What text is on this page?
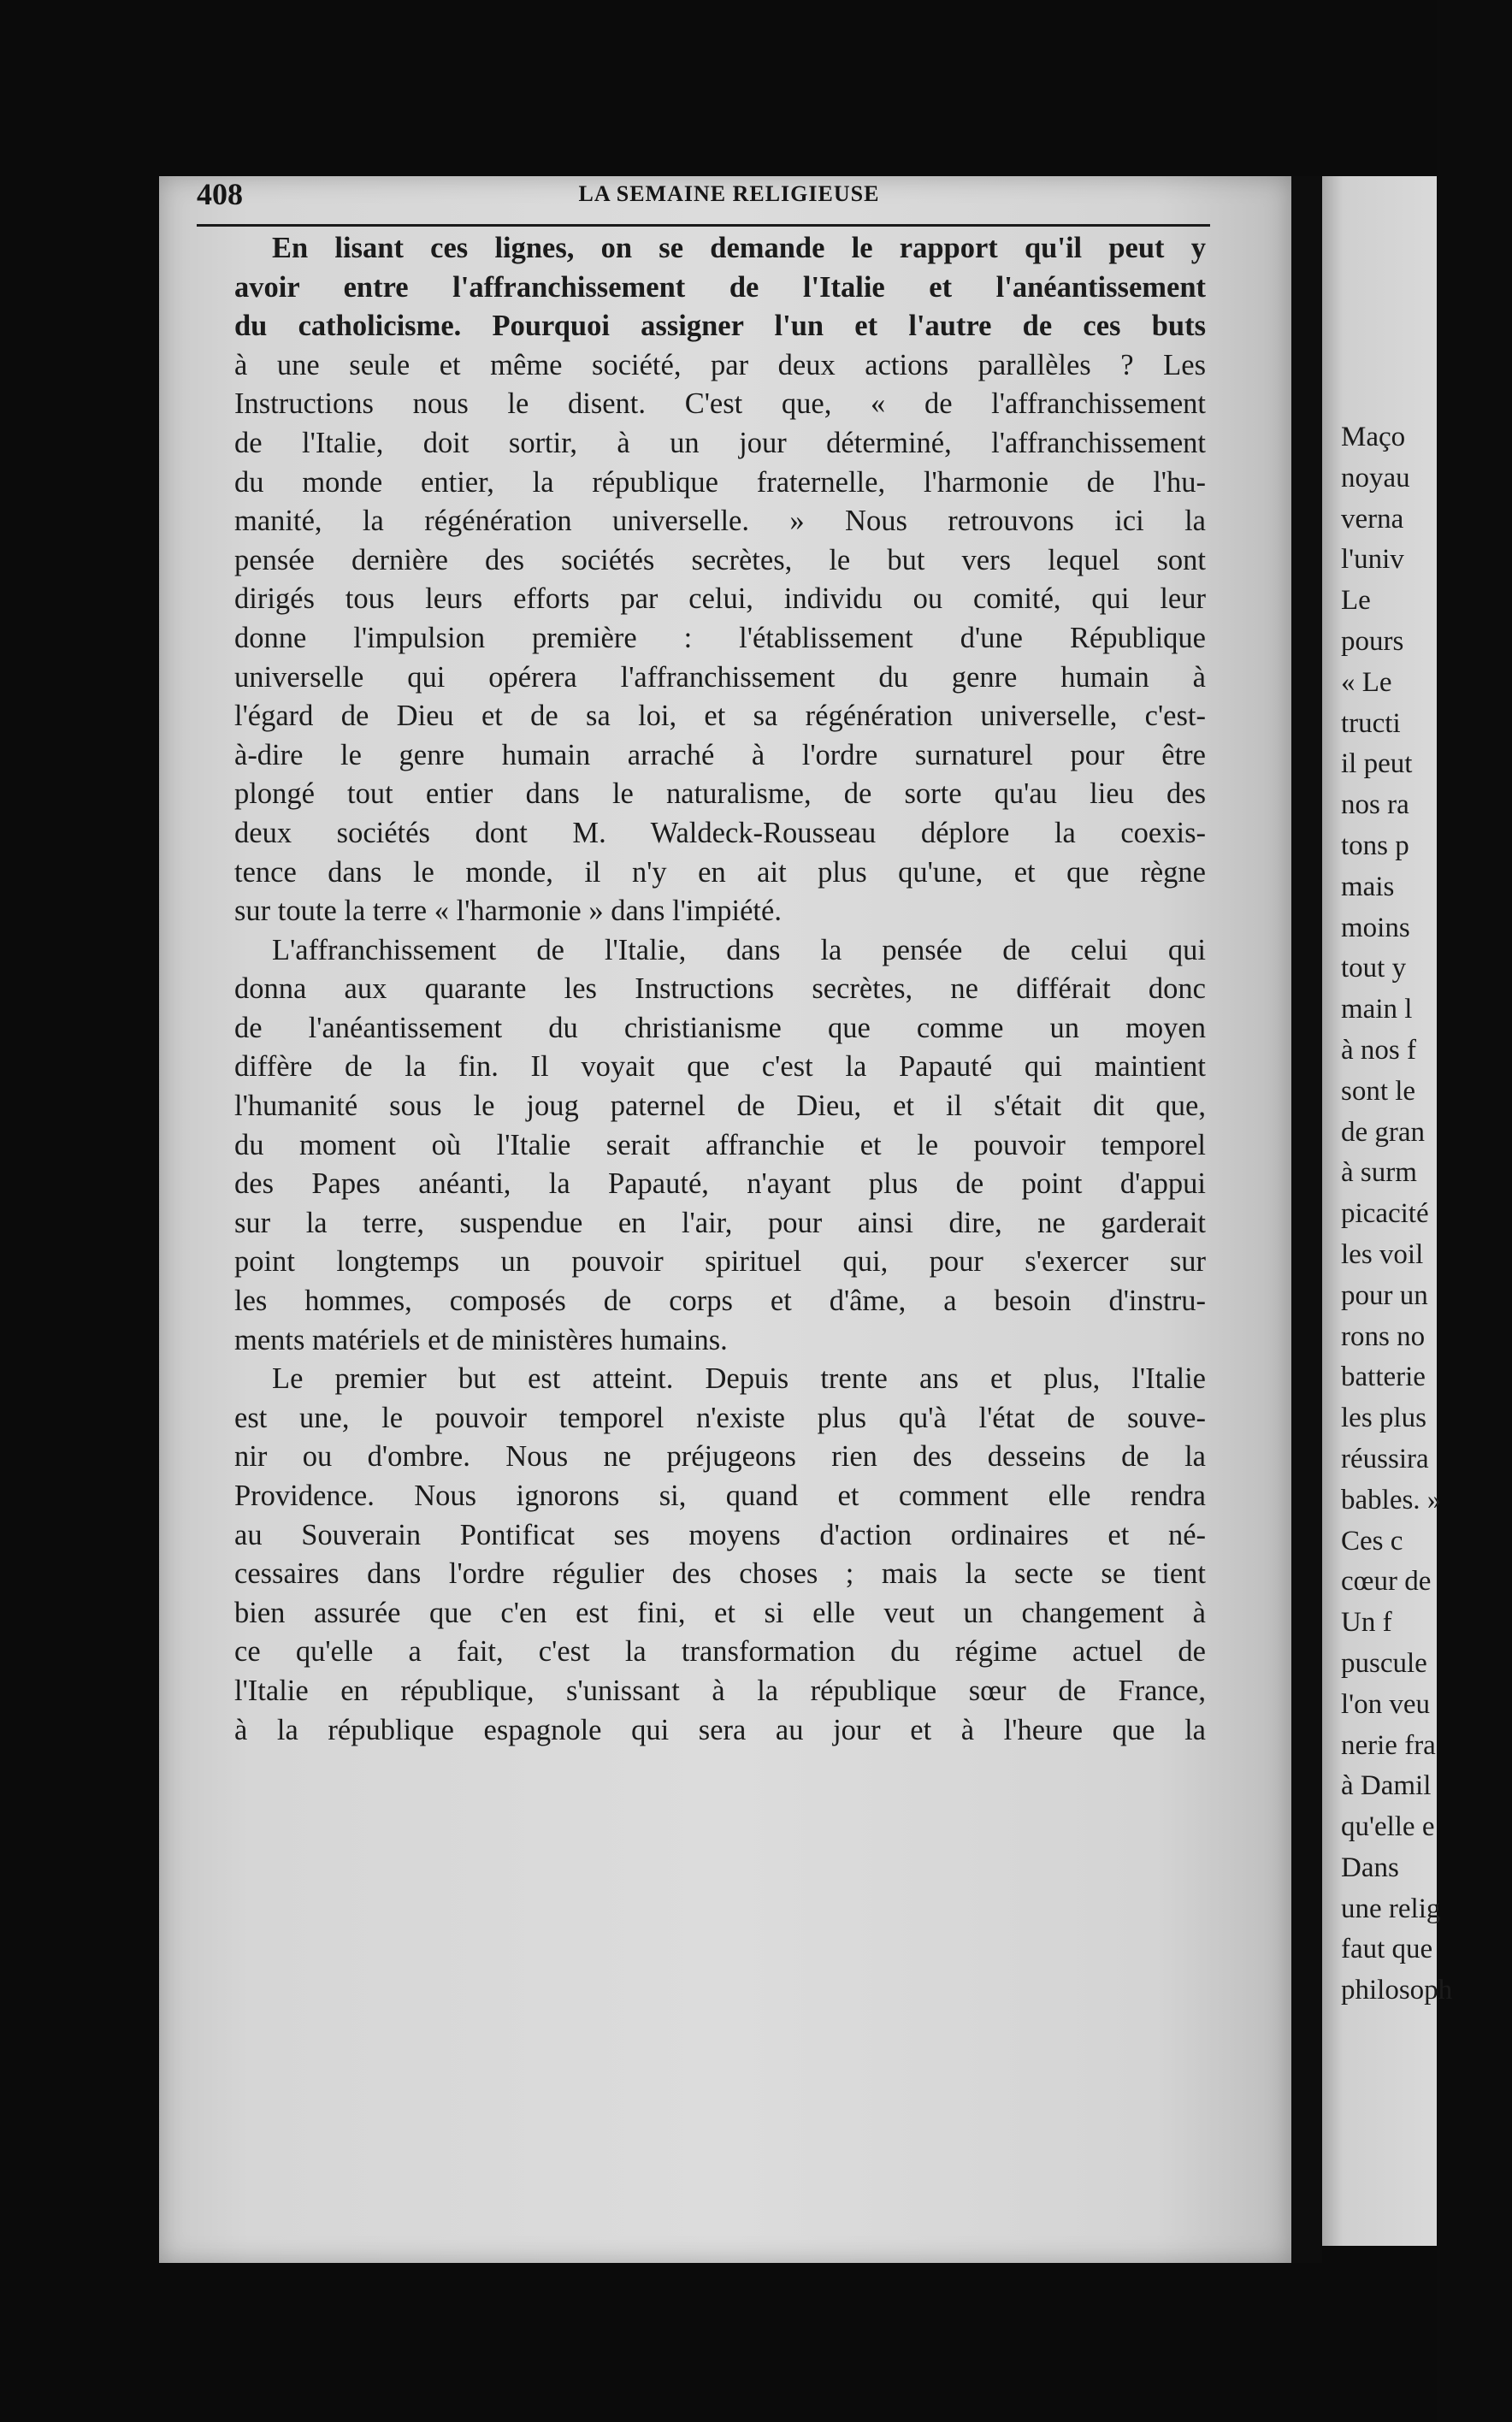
408	LA SEMAINE RELIGIEUSE

En lisant ces lignes, on se demande le rapport qu'il peut y
avoir entre l'affranchissement de l'Italie et l'anéantissement
du catholicisme. Pourquoi assigner l'un et l'autre de ces buts
à une seule et même société, par deux actions parallèles ? Les
Instructions nous le disent. C'est que, « de l'affranchissement
de l'Italie, doit sortir, à un jour déterminé, l'affranchissement
du monde entier, la république fraternelle, l'harmonie de l'hu-
manité, la régénération universelle. » Nous retrouvons ici la
pensée dernière des sociétés secrètes, le but vers lequel sont
dirigés tous leurs efforts par celui, individu ou comité, qui leur
donne l'impulsion première : l'établissement d'une République
universelle qui opérera l'affranchissement du genre humain à
l'égard de Dieu et de sa loi, et sa régénération universelle, c'est-
à-dire le genre humain arraché à l'ordre surnaturel pour être
plongé tout entier dans le naturalisme, de sorte qu'au lieu des
deux sociétés dont M. Waldeck-Rousseau déplore la coexis-
tence dans le monde, il n'y en ait plus qu'une, et que règne
sur toute la terre « l'harmonie » dans l'impiété.

L'affranchissement de l'Italie, dans la pensée de celui qui
donna aux quarante les Instructions secrètes, ne différait donc
de l'anéantissement du christianisme que comme un moyen
diffère de la fin. Il voyait que c'est la Papauté qui maintient
l'humanité sous le joug paternel de Dieu, et il s'était dit que,
du moment où l'Italie serait affranchie et le pouvoir temporel
des Papes anéanti, la Papauté, n'ayant plus de point d'appui
sur la terre, suspendue en l'air, pour ainsi dire, ne garderait
point longtemps un pouvoir spirituel qui, pour s'exercer sur
les hommes, composés de corps et d'âme, a besoin d'instru-
ments matériels et de ministères humains.

Le premier but est atteint. Depuis trente ans et plus, l'Italie
est une, le pouvoir temporel n'existe plus qu'à l'état de souve-
nir ou d'ombre. Nous ne préjugeons rien des desseins de la
Providence. Nous ignorons si, quand et comment elle rendra
au Souverain Pontificat ses moyens d'action ordinaires et né-
cessaires dans l'ordre régulier des choses ; mais la secte se tient
bien assurée que c'en est fini, et si elle veut un changement à
ce qu'elle a fait, c'est la transformation du régime actuel de
l'Italie en république, s'unissant à la république sœur de France,
à la république espagnole qui sera au jour et à l'heure que la

Maço
noyau
verna
l'univ
Le
pours
« Le
tructi
il peut
nos ra
tons p
mais
moins
tout y
main l
à nos f
sont le
de gran
à surm
picacité
les voil
pour un
rons no
batterie
les plus
réussira
bables. »
Ces c
cœur de
Un f
puscule
l'on veu
nerie fra
à Damil
qu'elle e
Dans
une relig
faut que
philosoph
